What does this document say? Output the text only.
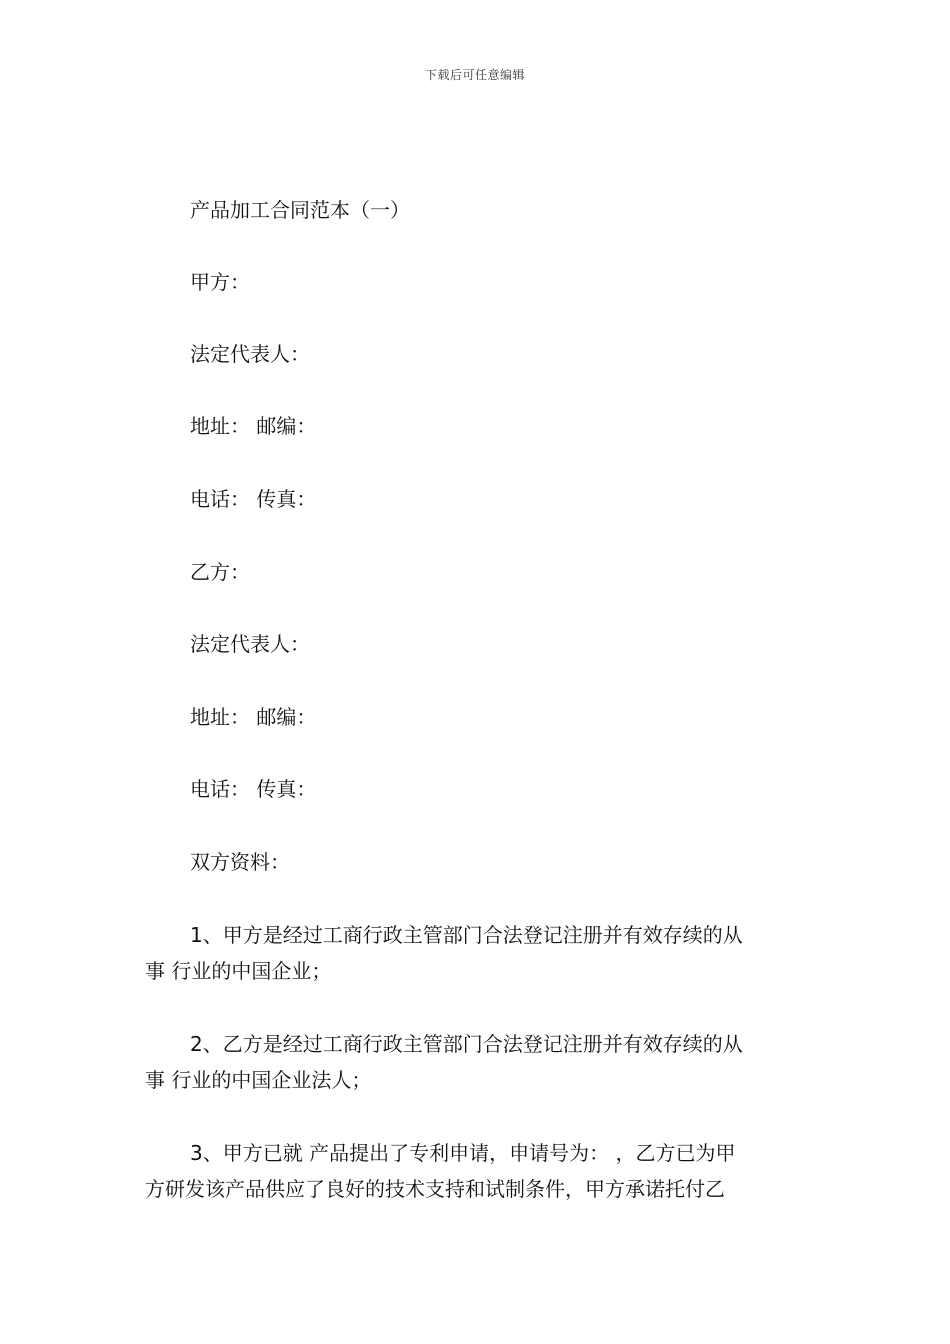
下载后可任意编辑
产品加工合同范本（一）
甲方：
法定代表人：
地址： 邮编：
电话： 传真：
乙方：
法定代表人：
地址： 邮编：
电话： 传真：
双方资料：
1、甲方是经过工商行政主管部门合法登记注册并有效存续的从
事 行业的中国企业；
2、乙方是经过工商行政主管部门合法登记注册并有效存续的从
事 行业的中国企业法人；
3、甲方已就 产品提出了专利申请，申请号为： ，乙方已为甲
方研发该产品供应了良好的技术支持和试制条件，甲方承诺托付乙
